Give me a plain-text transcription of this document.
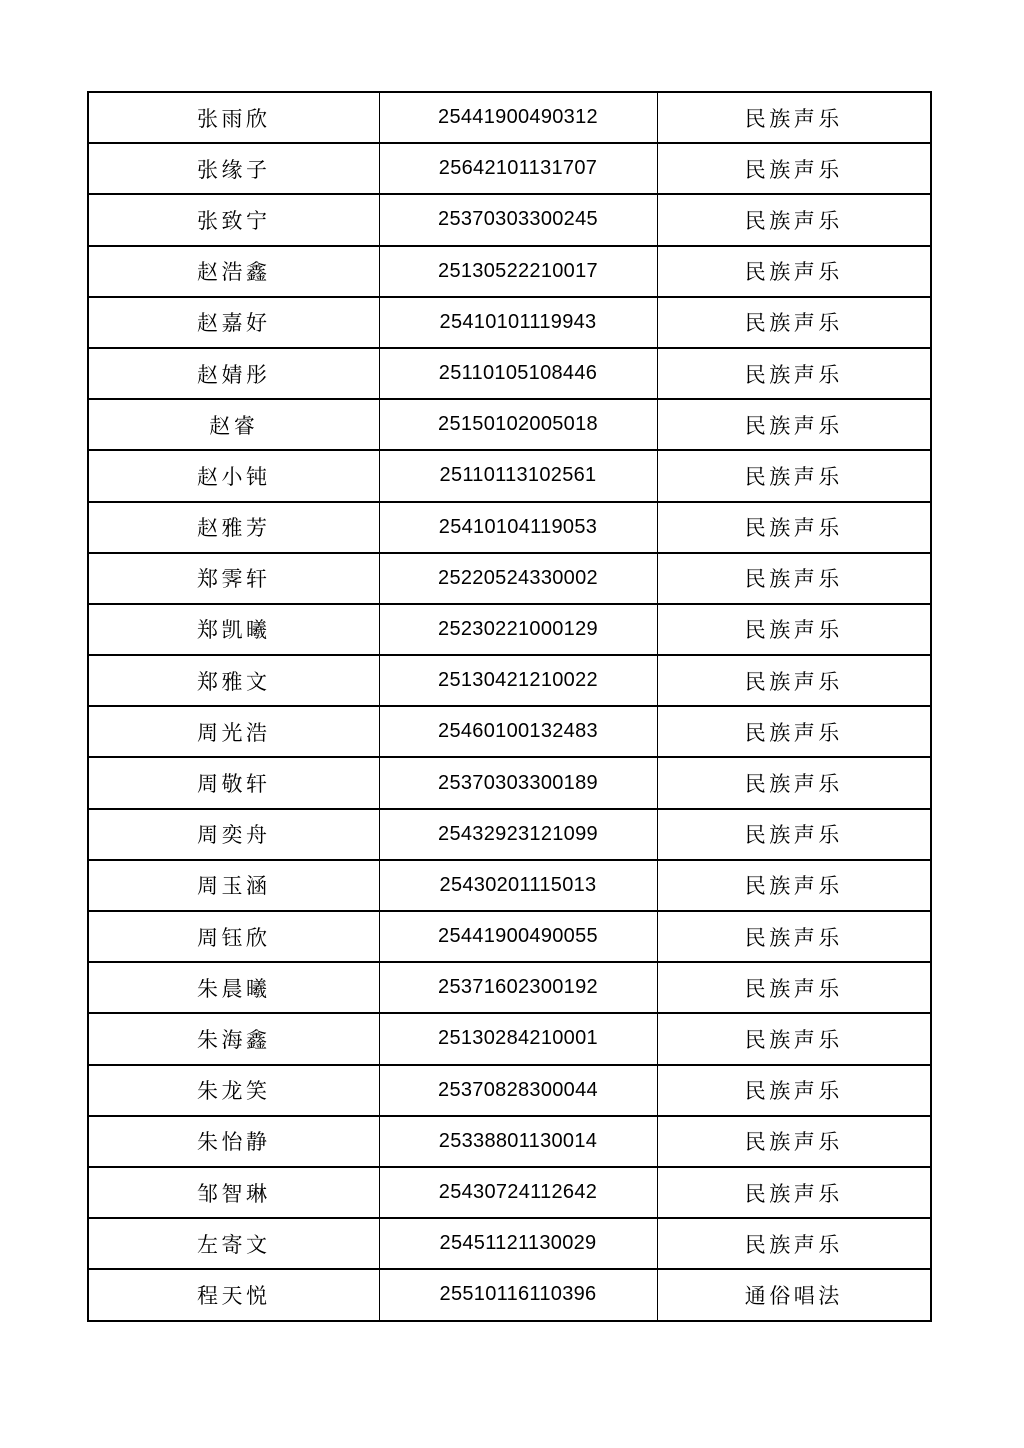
张雨欣	25441900490312	民族声乐
张缘子	25642101131707	民族声乐
张致宁	25370303300245	民族声乐
赵浩鑫	25130522210017	民族声乐
赵嘉好	25410101119943	民族声乐
赵婧彤	25110105108446	民族声乐
赵睿	25150102005018	民族声乐
赵小钝	25110113102561	民族声乐
赵雅芳	25410104119053	民族声乐
郑霁轩	25220524330002	民族声乐
郑凯曦	25230221000129	民族声乐
郑雅文	25130421210022	民族声乐
周光浩	25460100132483	民族声乐
周敬轩	25370303300189	民族声乐
周奕舟	25432923121099	民族声乐
周玉涵	25430201115013	民族声乐
周钰欣	25441900490055	民族声乐
朱晨曦	25371602300192	民族声乐
朱海鑫	25130284210001	民族声乐
朱龙笑	25370828300044	民族声乐
朱怡静	25338801130014	民族声乐
邹智琳	25430724112642	民族声乐
左寄文	25451121130029	民族声乐
程天悦	25510116110396	通俗唱法
